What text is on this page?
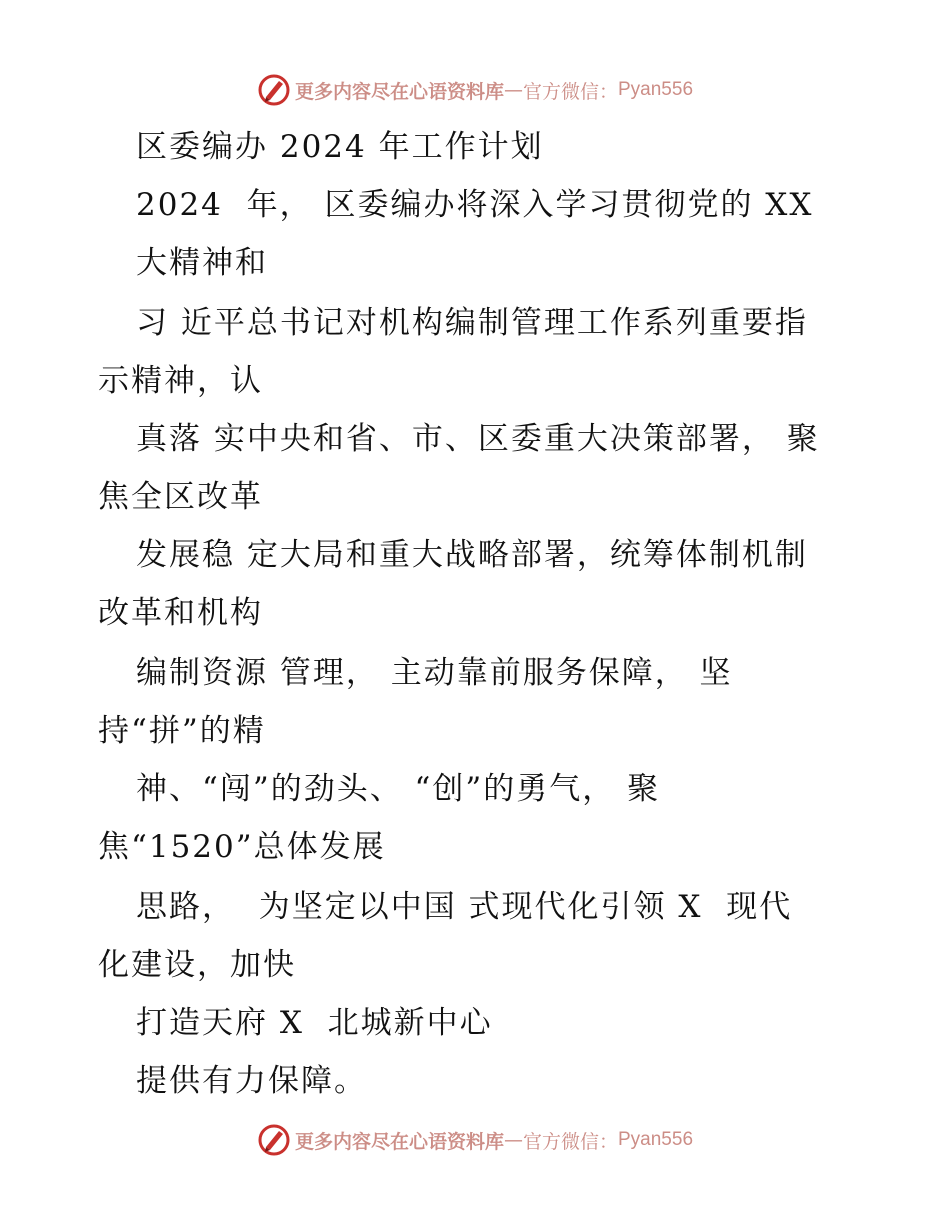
更多内容尽在心语资料库 — 官方微信： Pyan556
区委编办 2024 年工作计划
2024  年， 区委编办将深入学习贯彻党的 XX
大精神和
习 近平总书记对机构编制管理工作系列重要指
示精神，认
真落 实中央和省、市、区委重大决策部署， 聚
焦全区改革
发展稳 定大局和重大战略部署，统筹体制机制
改革和机构
编制资源 管理， 主动靠前服务保障， 坚
持“拼”的精
神、“闯”的劲头、 “创”的勇气， 聚
焦“1520”总体发展
思路，  为坚定以中国 式现代化引领 X  现代
化建设，加快
打造天府 X  北城新中心
提供有力保障。
更多内容尽在心语资料库 — 官方微信： Pyan556
